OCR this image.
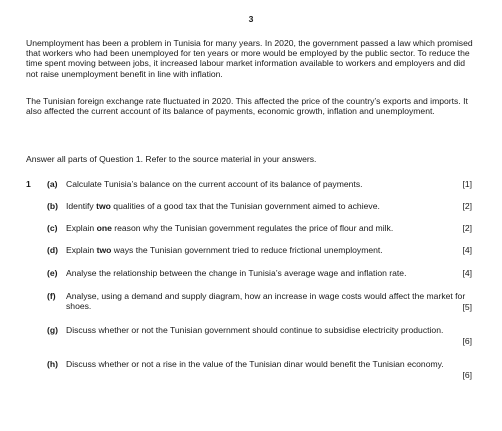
3

Unemployment has been a problem in Tunisia for many years. In 2020, the government passed a law which promised that workers who had been unemployed for ten years or more would be employed by the public sector. To reduce the time spent moving between jobs, it increased labour market information available to workers and employers and did not raise unemployment benefit in line with inflation.

The Tunisian foreign exchange rate fluctuated in 2020. This affected the price of the country’s exports and imports. It also affected the current account of its balance of payments, economic growth, inflation and unemployment.

Answer all parts of Question 1. Refer to the source material in your answers.

1 (a) Calculate Tunisia’s balance on the current account of its balance of payments.	[1]
(b) Identify two qualities of a good tax that the Tunisian government aimed to achieve.	[2]
(c) Explain one reason why the Tunisian government regulates the price of flour and milk.	[2]
(d) Explain two ways the Tunisian government tried to reduce frictional unemployment.	[4]
(e) Analyse the relationship between the change in Tunisia’s average wage and inflation rate.	[4]
(f) Analyse, using a demand and supply diagram, how an increase in wage costs would affect the market for shoes.	[5]
(g) Discuss whether or not the Tunisian government should continue to subsidise electricity production.
[6]
(h) Discuss whether or not a rise in the value of the Tunisian dinar would benefit the Tunisian economy.
[6]
